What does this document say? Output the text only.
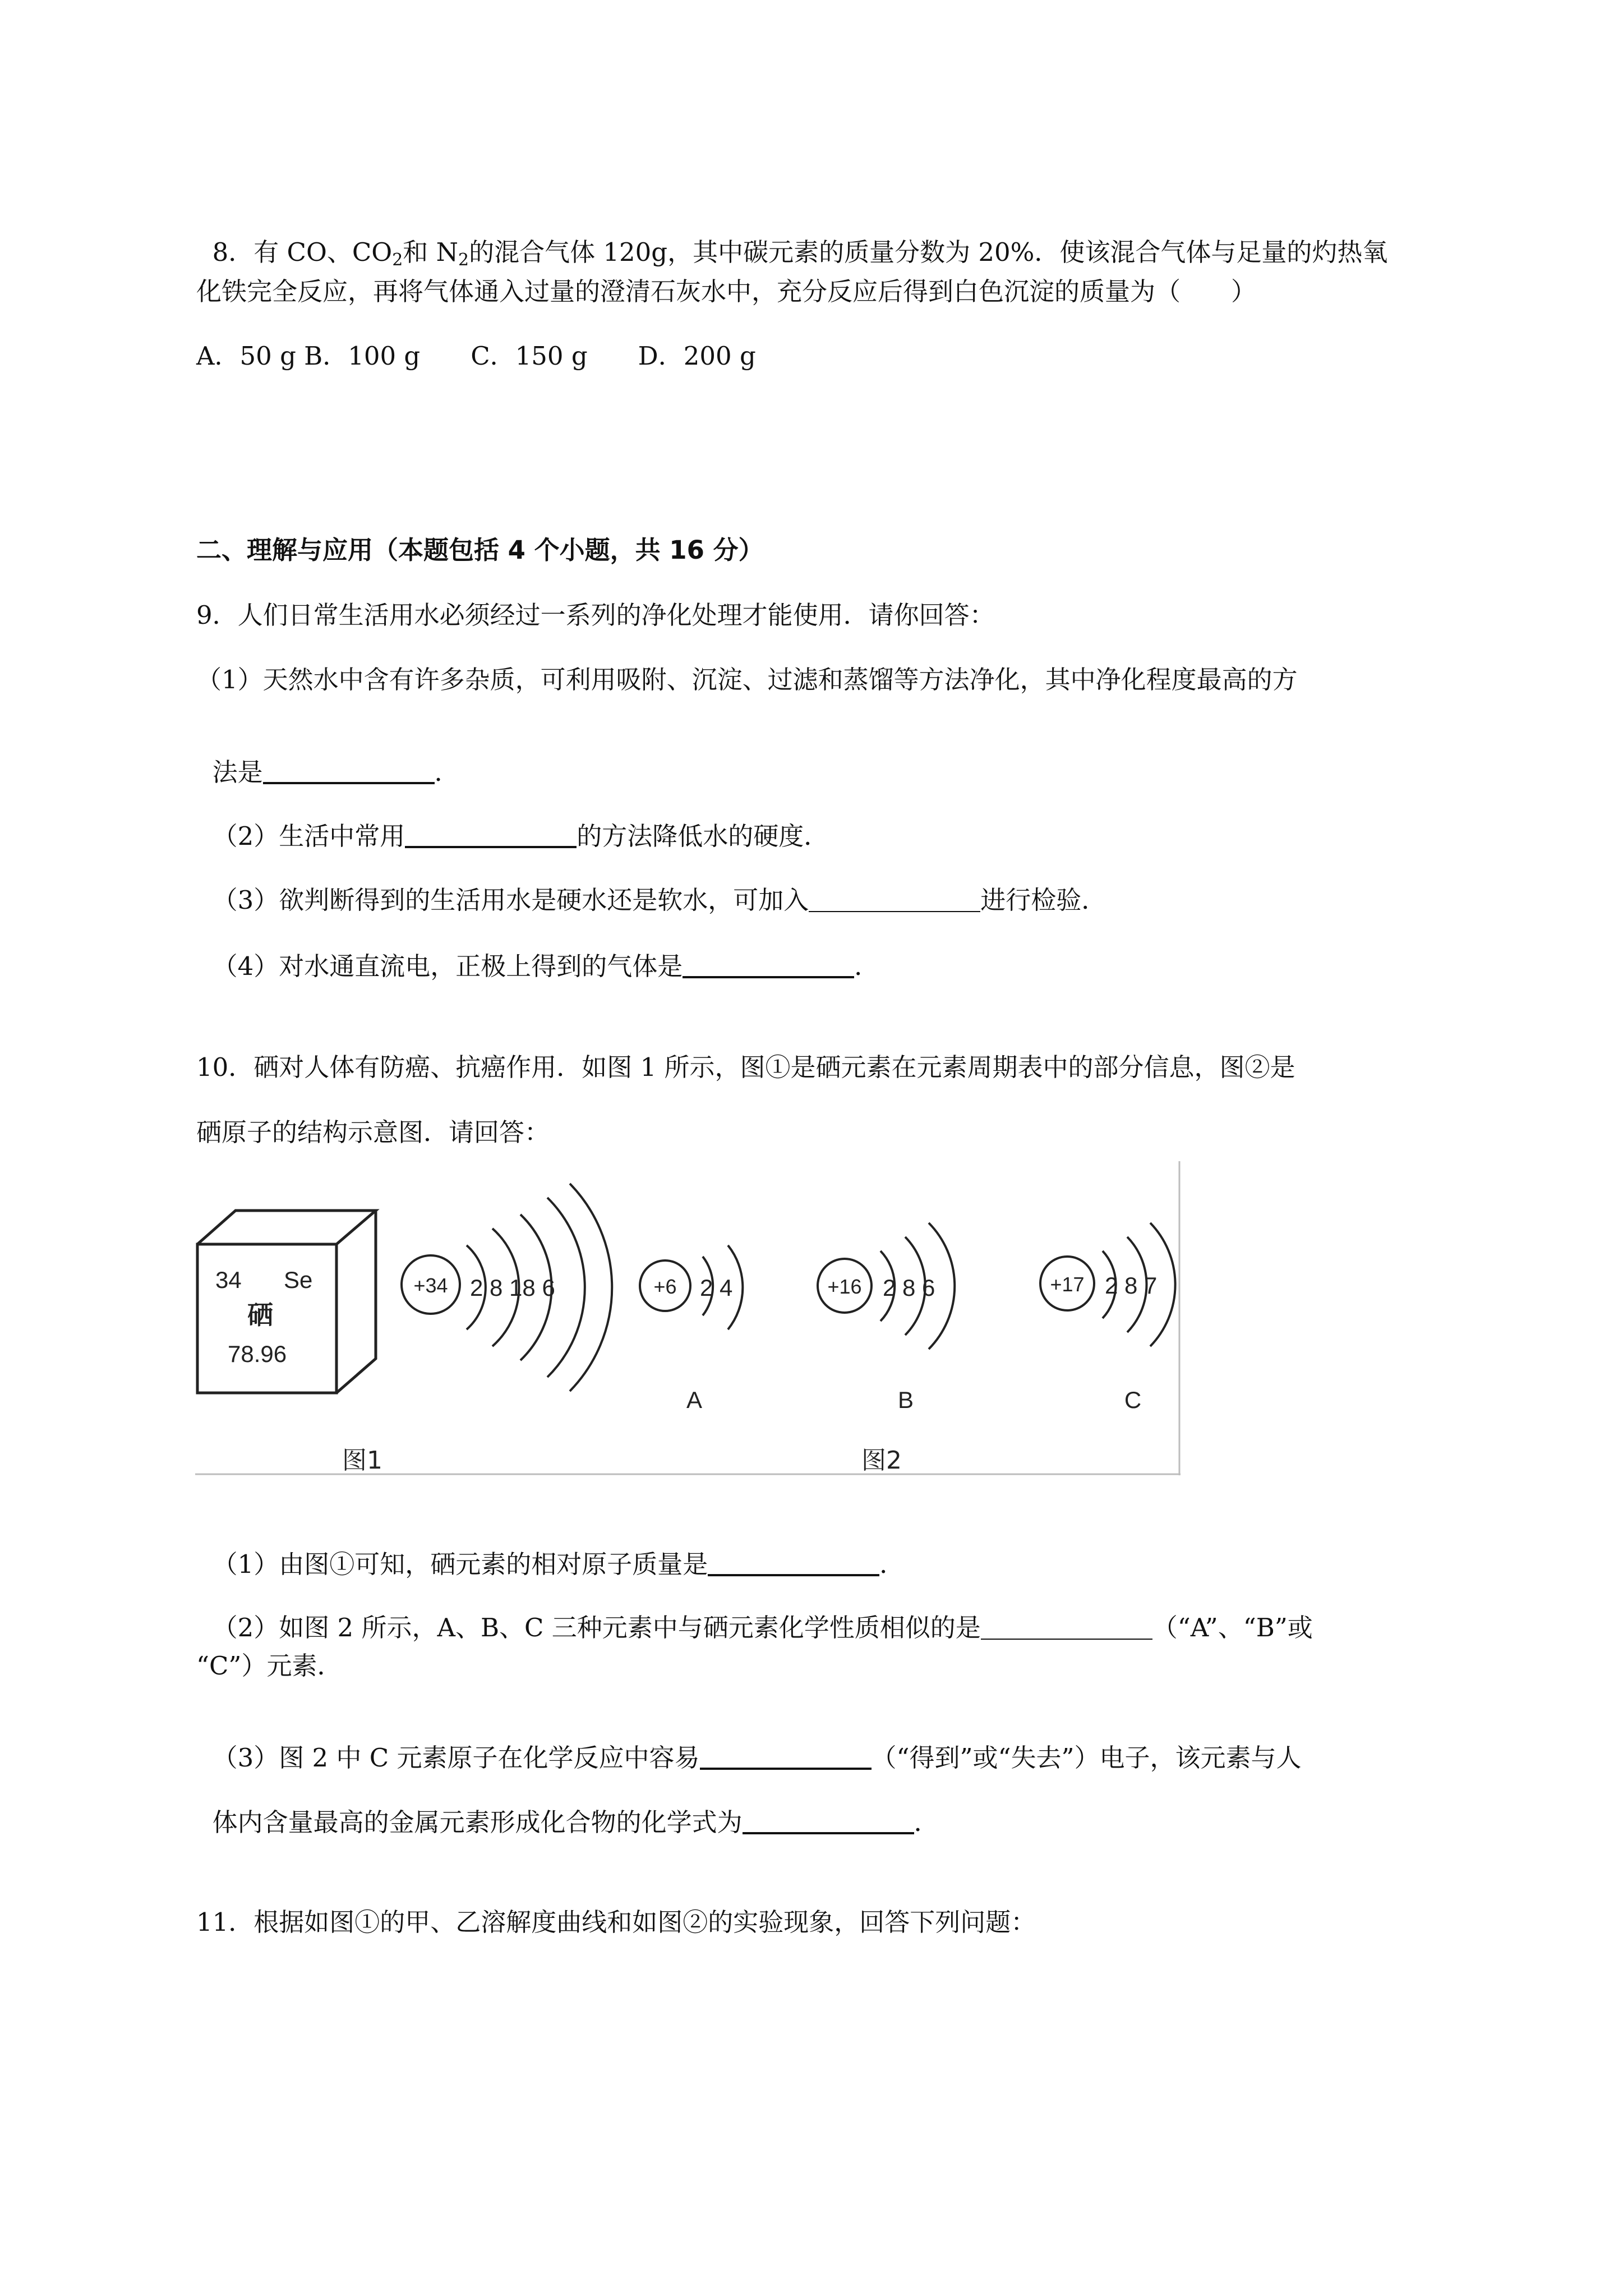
8．有 CO、$CO_2$和 $N_2$的混合气体 120g，其中碳元素的质量分数为 20%．使该混合气体与足量的灼热氧

化铁完全反应，再将气体通入过量的澄清石灰水中，充分反应后得到白色沉淀的质量为（　　）
A．50 g B．100 g　　C．150 g　　D．200 g
二、理解与应用（本题包括 4 个小题，共 16 分）
9．人们日常生活用水必须经过一系列的净化处理才能使用．请你回答：
（1）天然水中含有许多杂质，可利用吸附、沉淀、过滤和蒸馏等方法净化，其中净化程度最高的方

法是	．

（2）生活中常用	的方法降低水的硬度．

（3）欲判断得到的生活用水是硬水还是软水，可加入	进行检验．

（4）对水通直流电，正极上得到的气体是	．

10．硒对人体有防癌、抗癌作用．如图 1 所示，图①是硒元素在元素周期表中的部分信息，图②是
硒原子的结构示意图．请回答：
34 Se
硒
78.96
+34 2 8 18 6	+6 2 4
A
+16 2 8 6
B
+17 2 8 7
C
图1	图2

（1）由图①可知，硒元素的相对原子质量是	．

（2）如图 2 所示，A、B、C 三种元素中与硒元素化学性质相似的是	（“A”、“B”或

“C”）元素．

（3）图 2 中 C 元素原子在化学反应中容易	（“得到”或“失去”）电子，该元素与人

体内含量最高的金属元素形成化合物的化学式为	．

11．根据如图①的甲、乙溶解度曲线和如图②的实验现象，回答下列问题：
